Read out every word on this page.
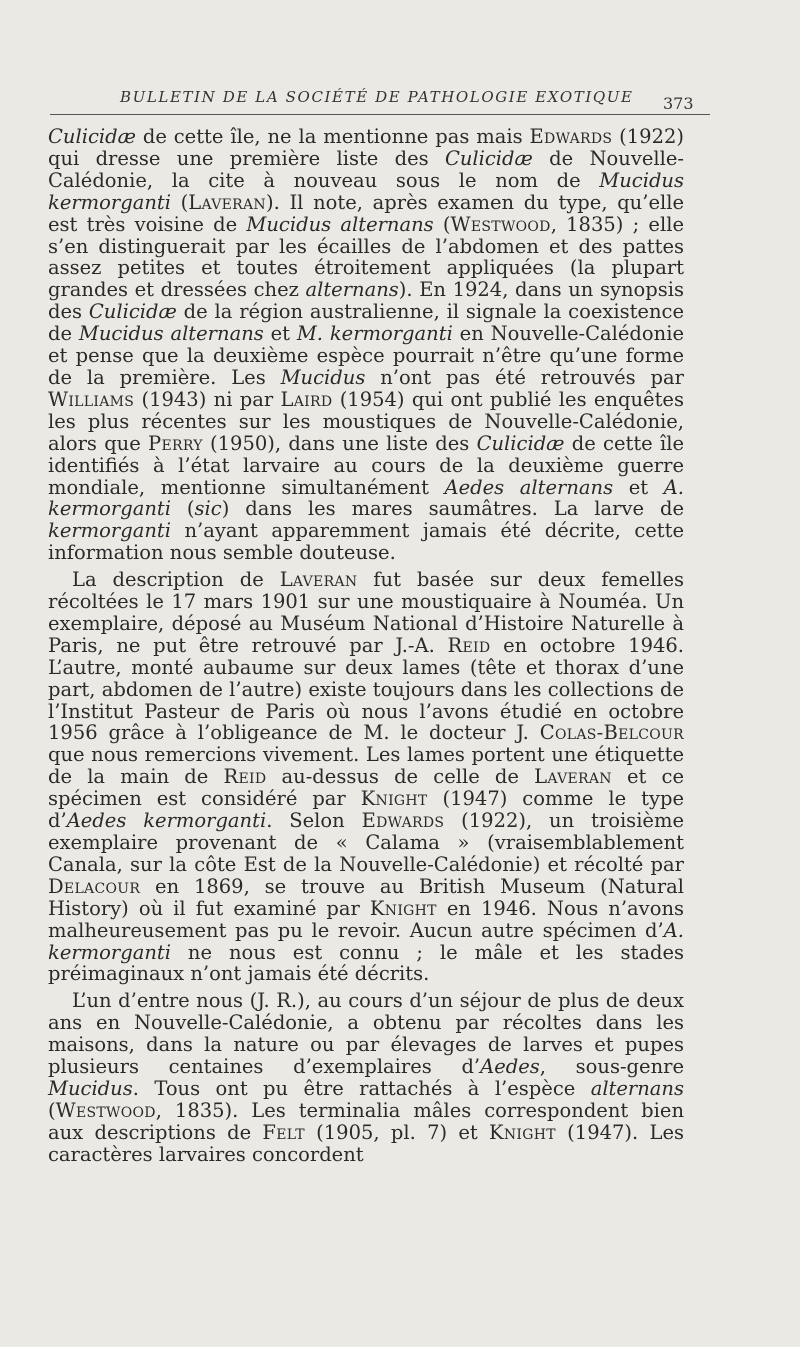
BULLETIN DE LA SOCIÉTÉ DE PATHOLOGIE EXOTIQUE 373

Culicidæ de cette île, ne la mentionne pas mais Edwards (1922) qui dresse une première liste des Culicidæ de Nouvelle-Calédonie, la cite à nouveau sous le nom de Mucidus kermorganti (Laveran). Il note, après examen du type, qu’elle est très voisine de Mucidus alternans (Westwood, 1835) ; elle s’en distinguerait par les écailles de l’abdomen et des pattes assez petites et toutes étroitement appliquées (la plupart grandes et dressées chez alternans). En 1924, dans un synopsis des Culicidæ de la région australienne, il signale la coexistence de Mucidus alternans et M. kermorganti en Nouvelle-Calédonie et pense que la deuxième espèce pourrait n’être qu’une forme de la première. Les Mucidus n’ont pas été retrouvés par Williams (1943) ni par Laird (1954) qui ont publié les enquêtes les plus récentes sur les moustiques de Nouvelle-Calédonie, alors que Perry (1950), dans une liste des Culicidæ de cette île identifiés à l’état larvaire au cours de la deuxième guerre mondiale, mentionne simultanément Aedes alternans et A. kermorganti (sic) dans les mares saumâtres. La larve de kermorganti n’ayant apparemment jamais été décrite, cette information nous semble douteuse.

La description de Laveran fut basée sur deux femelles récoltées le 17 mars 1901 sur une moustiquaire à Nouméa. Un exemplaire, déposé au Muséum National d’Histoire Naturelle à Paris, ne put être retrouvé par J.-A. Reid en octobre 1946. L’autre, monté aubaume sur deux lames (tête et thorax d’une part, abdomen de l’autre) existe toujours dans les collections de l’Institut Pasteur de Paris où nous l’avons étudié en octobre 1956 grâce à l’obligeance de M. le docteur J. Colas-Belcour que nous remercions vivement. Les lames portent une étiquette de la main de Reid au-dessus de celle de Laveran et ce spécimen est considéré par Knight (1947) comme le type d’Aedes kermorganti. Selon Edwards (1922), un troisième exemplaire provenant de « Calama » (vraisemblablement Canala, sur la côte Est de la Nouvelle-Calédonie) et récolté par Delacour en 1869, se trouve au British Museum (Natural History) où il fut examiné par Knight en 1946. Nous n’avons malheureusement pas pu le revoir. Aucun autre spécimen d’A. kermorganti ne nous est connu ; le mâle et les stades préimaginaux n’ont jamais été décrits.

L’un d’entre nous (J. R.), au cours d’un séjour de plus de deux ans en Nouvelle-Calédonie, a obtenu par récoltes dans les maisons, dans la nature ou par élevages de larves et pupes plusieurs centaines d’exemplaires d’Aedes, sous-genre Mucidus. Tous ont pu être rattachés à l’espèce alternans (Westwood, 1835). Les terminalia mâles correspondent bien aux descriptions de Felt (1905, pl. 7) et Knight (1947). Les caractères larvaires concordent
